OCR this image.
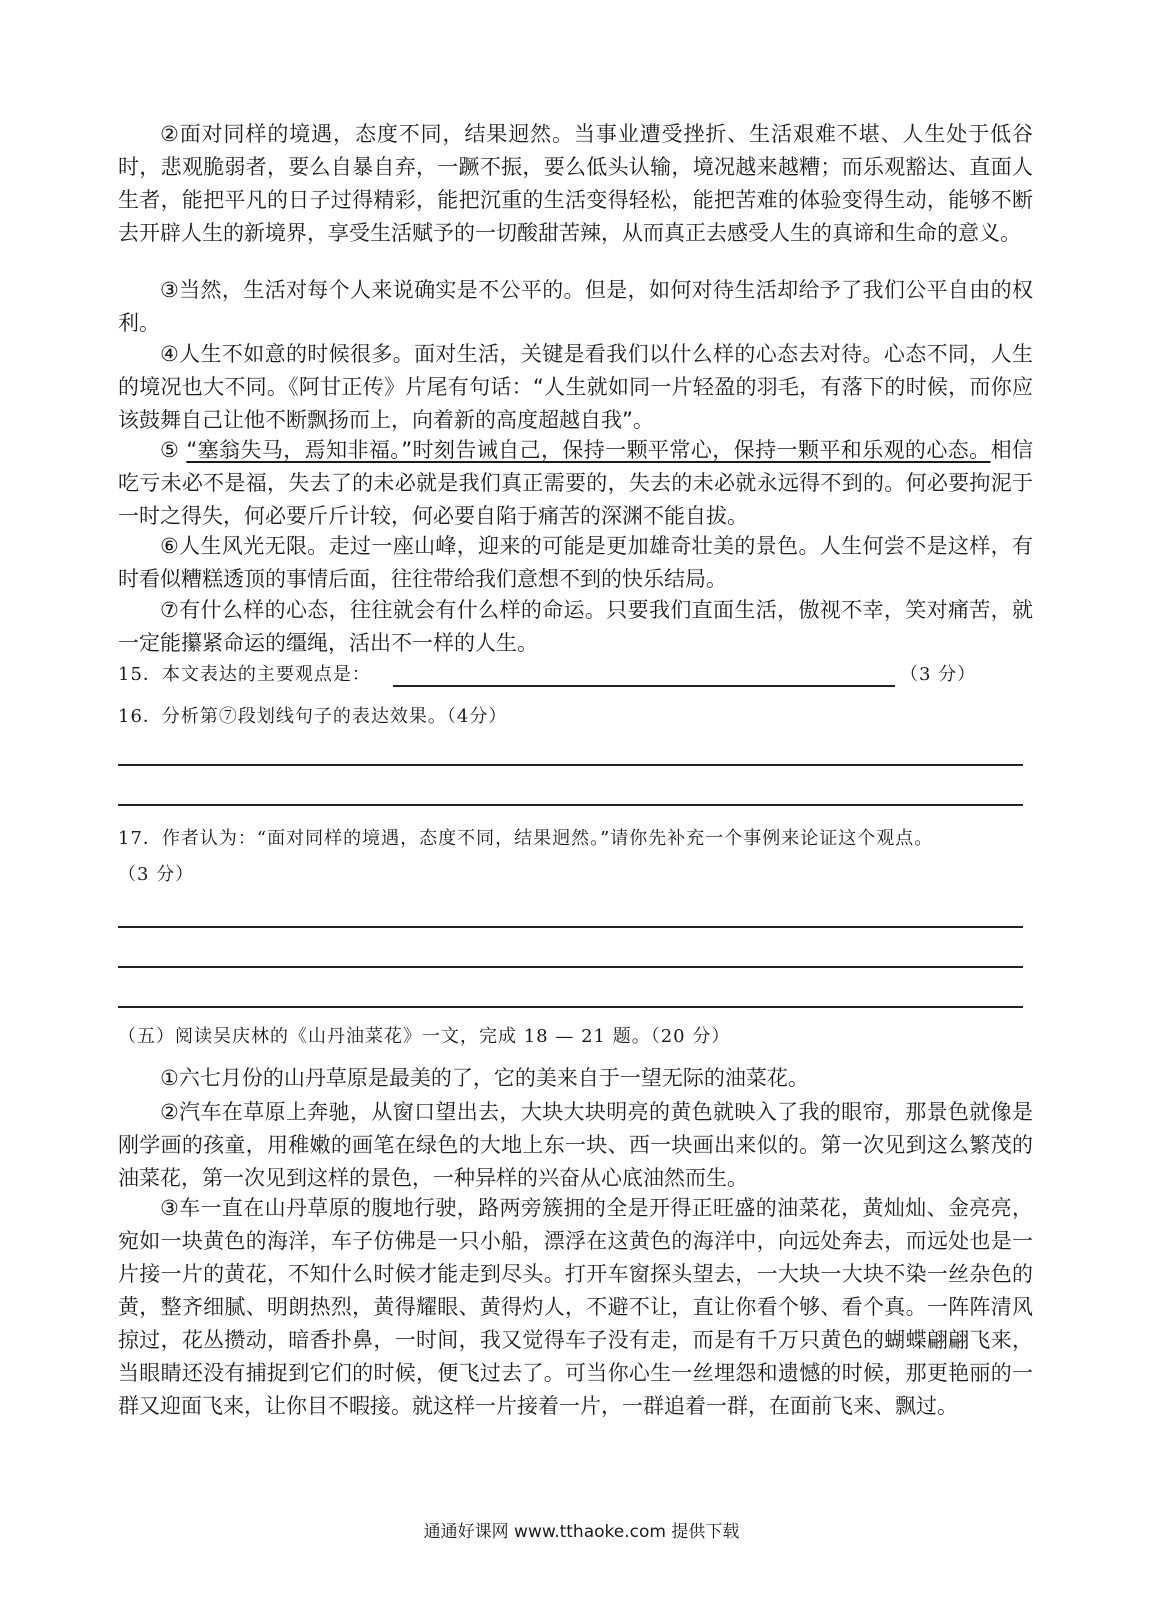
②面对同样的境遇，态度不同，结果迥然。当事业遭受挫折、生活艰难不堪、人生处于低谷时，悲观脆弱者，要么自暴自弃，一蹶不振，要么低头认输，境况越来越糟；而乐观豁达、直面人生者，能把平凡的日子过得精彩，能把沉重的生活变得轻松，能把苦难的体验变得生动，能够不断去开辟人生的新境界，享受生活赋予的一切酸甜苦辣，从而真正去感受人生的真谛和生命的意义。
③当然，生活对每个人来说确实是不公平的。但是，如何对待生活却给予了我们公平自由的权利。
④人生不如意的时候很多。面对生活，关键是看我们以什么样的心态去对待。心态不同，人生的境况也大不同。《阿甘正传》片尾有句话：“人生就如同一片轻盈的羽毛，有落下的时候，而你应该鼓舞自己让他不断飘扬而上，向着新的高度超越自我”。
⑤ “塞翁失马，焉知非福。”时刻告诫自己，保持一颗平常心，保持一颗平和乐观的心态。相信吃亏未必不是福，失去了的未必就是我们真正需要的，失去的未必就永远得不到的。何必要拘泥于一时之得失，何必要斤斤计较，何必要自陷于痛苦的深渊不能自拔。
⑥人生风光无限。走过一座山峰，迎来的可能是更加雄奇壮美的景色。人生何尝不是这样，有时看似糟糕透顶的事情后面，往往带给我们意想不到的快乐结局。
⑦有什么样的心态，往往就会有什么样的命运。只要我们直面生活，傲视不幸，笑对痛苦，就一定能攥紧命运的缰绳，活出不一样的人生。
15．本文表达的主要观点是：	（3 分）
16．分析第⑦段划线句子的表达效果。（4分）
17．作者认为：“面对同样的境遇，态度不同，结果迥然。”请你先补充一个事例来论证这个观点。
（3 分）
（五）阅读吴庆林的《山丹油菜花》一文，完成 18 — 21 题。（20 分）
①六七月份的山丹草原是最美的了，它的美来自于一望无际的油菜花。
②汽车在草原上奔驰，从窗口望出去，大块大块明亮的黄色就映入了我的眼帘，那景色就像是刚学画的孩童，用稚嫩的画笔在绿色的大地上东一块、西一块画出来似的。第一次见到这么繁茂的油菜花，第一次见到这样的景色，一种异样的兴奋从心底油然而生。
③车一直在山丹草原的腹地行驶，路两旁簇拥的全是开得正旺盛的油菜花，黄灿灿、金亮亮，宛如一块黄色的海洋，车子仿佛是一只小船，漂浮在这黄色的海洋中，向远处奔去，而远处也是一片接一片的黄花，不知什么时候才能走到尽头。打开车窗探头望去，一大块一大块不染一丝杂色的黄，整齐细腻、明朗热烈，黄得耀眼、黄得灼人，不避不让，直让你看个够、看个真。一阵阵清风掠过，花丛攒动，暗香扑鼻，一时间，我又觉得车子没有走，而是有千万只黄色的蝴蝶翩翩飞来，当眼睛还没有捕捉到它们的时候，便飞过去了。可当你心生一丝埋怨和遗憾的时候，那更艳丽的一群又迎面飞来，让你目不暇接。就这样一片接着一片，一群追着一群，在面前飞来、飘过。
通通好课网 www.tthaoke.com 提供下载
